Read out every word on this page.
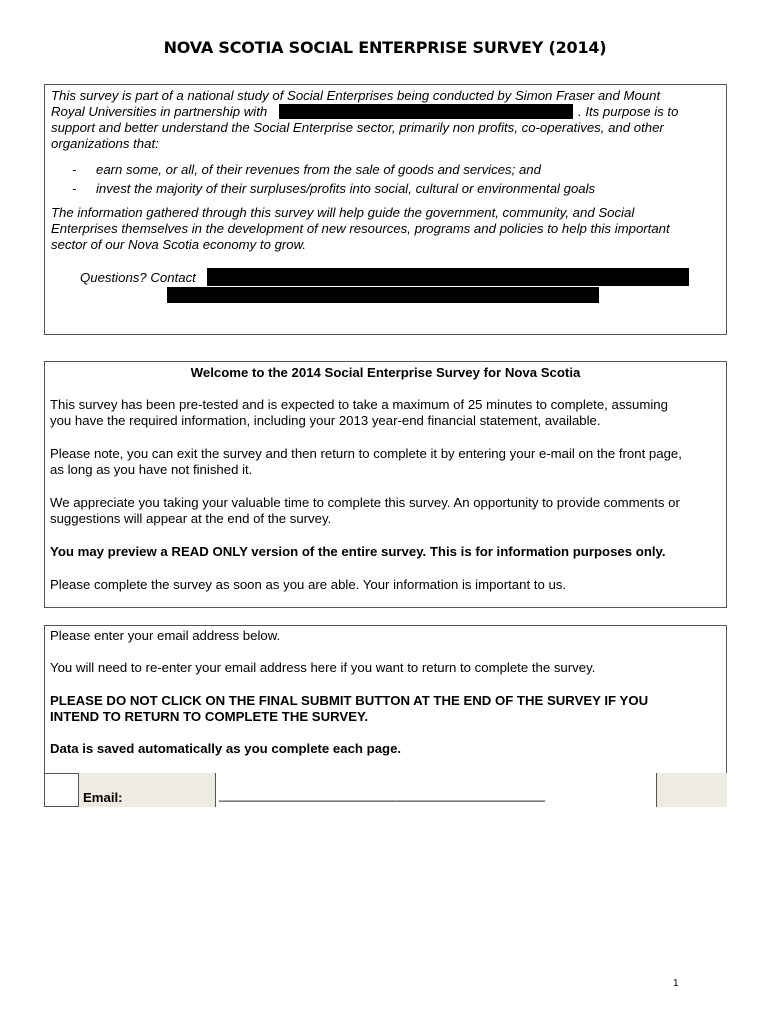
NOVA SCOTIA SOCIAL ENTERPRISE SURVEY (2014)
This survey is part of a national study of Social Enterprises being conducted by Simon Fraser and Mount
Royal Universities in partnership with	. Its purpose is to
support and better understand the Social Enterprise sector, primarily non profits, co-operatives, and other
organizations that:
- earn some, or all, of their revenues from the sale of goods and services; and
- invest the majority of their surpluses/profits into social, cultural or environmental goals
The information gathered through this survey will help guide the government, community, and Social
Enterprises themselves in the development of new resources, programs and policies to help this important
sector of our Nova Scotia economy to grow.
Questions? Contact
Welcome to the 2014 Social Enterprise Survey for Nova Scotia
This survey has been pre-tested and is expected to take a maximum of 25 minutes to complete, assuming
you have the required information, including your 2013 year-end financial statement, available.
Please note, you can exit the survey and then return to complete it by entering your e-mail on the front page,
as long as you have not finished it.
We appreciate you taking your valuable time to complete this survey. An opportunity to provide comments or
suggestions will appear at the end of the survey.
You may preview a READ ONLY version of the entire survey. This is for information purposes only.
Please complete the survey as soon as you are able. Your information is important to us.
Please enter your email address below.
You will need to re-enter your email address here if you want to return to complete the survey.
PLEASE DO NOT CLICK ON THE FINAL SUBMIT BUTTON AT THE END OF THE SURVEY IF YOU
INTEND TO RETURN TO COMPLETE THE SURVEY.
Data is saved automatically as you complete each page.
Email:	_______________________________________________
1
